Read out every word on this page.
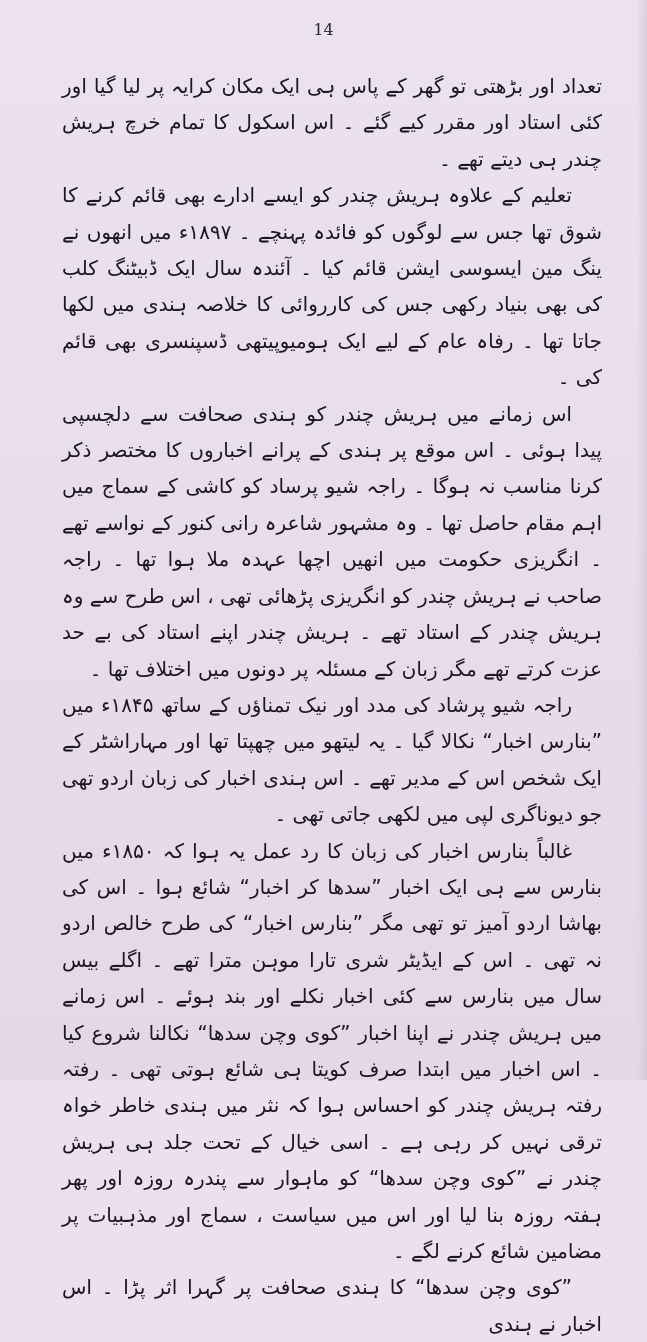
14

تعداد اور بڑھتی تو گھر کے پاس ہی ایک مکان کرایہ پر لیا گیا اور کئی استاد اور مقرر کیے گئے ۔ اس اسکول کا تمام خرچ ہریش چندر ہی دیتے تھے ۔

تعلیم کے علاوہ ہریش چندر کو ایسے ادارے بھی قائم کرنے کا شوق تھا جس سے لوگوں کو فائدہ پہنچے ۔ ۱۸۹۷ء میں انھوں نے ینگ مین ایسوسی ایشن قائم کیا ۔ آئندہ سال ایک ڈبیٹنگ کلب کی بھی بنیاد رکھی جس کی کارروائی کا خلاصہ ہندی میں لکھا جاتا تھا ۔ رفاہ عام کے لیے ایک ہومیوپیتھی ڈسپنسری بھی قائم کی ۔

اس زمانے میں ہریش چندر کو ہندی صحافت سے دلچسپی پیدا ہوئی ۔ اس موقع پر ہندی کے پرانے اخباروں کا مختصر ذکر کرنا مناسب نہ ہوگا ۔ راجہ شیو پرساد کو کاشی کے سماج میں اہم مقام حاصل تھا ۔ وہ مشہور شاعرہ رانی کنور کے نواسے تھے ۔ انگریزی حکومت میں انھیں اچھا عہدہ ملا ہوا تھا ۔ راجہ صاحب نے ہریش چندر کو انگریزی پڑھائی تھی ، اس طرح سے وہ ہریش چندر کے استاد تھے ۔ ہریش چندر اپنے استاد کی بے حد عزت کرتے تھے مگر زبان کے مسئلہ پر دونوں میں اختلاف تھا ۔

راجہ شیو پرشاد کی مدد اور نیک تمناؤں کے ساتھ ۱۸۴۵ء میں ”بنارس اخبار“ نکالا گیا ۔ یہ لیتھو میں چھپتا تھا اور مہاراشٹر کے ایک شخص اس کے مدیر تھے ۔ اس ہندی اخبار کی زبان اردو تھی جو دیوناگری لپی میں لکھی جاتی تھی ۔

غالباً بنارس اخبار کی زبان کا رد عمل یہ ہوا کہ ۱۸۵۰ء میں بنارس سے ہی ایک اخبار ”سدھا کر اخبار“ شائع ہوا ۔ اس کی بھاشا اردو آمیز تو تھی مگر ”بنارس اخبار“ کی طرح خالص اردو نہ تھی ۔ اس کے ایڈیٹر شری تارا موہن مترا تھے ۔ اگلے بیس سال میں بنارس سے کئی اخبار نکلے اور بند ہوئے ۔ اس زمانے میں ہریش چندر نے اپنا اخبار ”کوی وچن سدھا“ نکالنا شروع کیا ۔ اس اخبار میں ابتدا صرف کویتا ہی شائع ہوتی تھی ۔ رفتہ رفتہ ہریش چندر کو احساس ہوا کہ نثر میں ہندی خاطر خواہ ترقی نہیں کر رہی ہے ۔ اسی خیال کے تحت جلد ہی ہریش چندر نے ”کوی وچن سدھا“ کو ماہوار سے پندرہ روزہ اور پھر ہفتہ روزہ بنا لیا اور اس میں سیاست ، سماج اور مذہبیات پر مضامین شائع کرنے لگے ۔

”کوی وچن سدھا“ کا ہندی صحافت پر گہرا اثر پڑا ۔ اس اخبار نے ہندی
